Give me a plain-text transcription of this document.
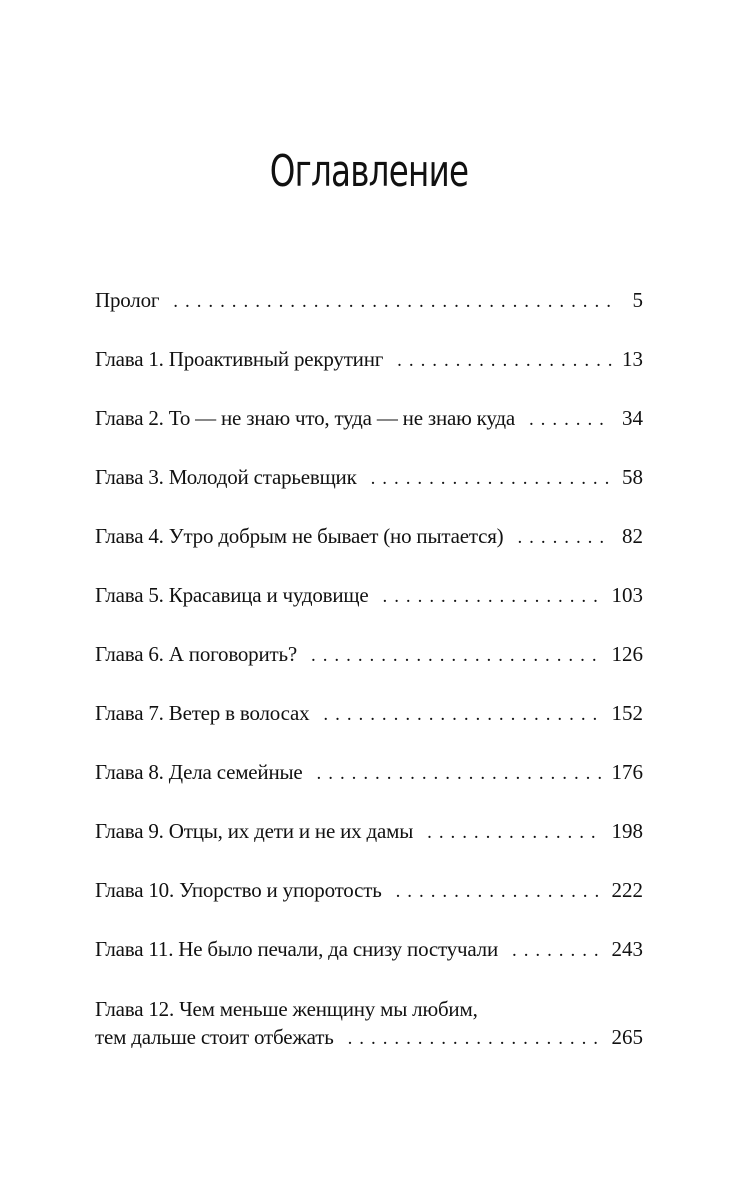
Оглавление
Пролог . . .	5
Глава 1. Проактивный рекрутинг . . .	13
Глава 2. То — не знаю что, туда — не знаю куда . . .	34
Глава 3. Молодой старьевщик . . .	58
Глава 4. Утро добрым не бывает (но пытается) . . .	82
Глава 5. Красавица и чудовище . . .	103
Глава 6. А поговорить? . . .	126
Глава 7. Ветер в волосах . . .	152
Глава 8. Дела семейные . . .	176
Глава 9. Отцы, их дети и не их дамы . . .	198
Глава 10. Упорство и упоротость . . .	222
Глава 11. Не было печали, да снизу постучали . . .	243
Глава 12. Чем меньше женщину мы любим,
тем дальше стоит отбежать . . .	265
